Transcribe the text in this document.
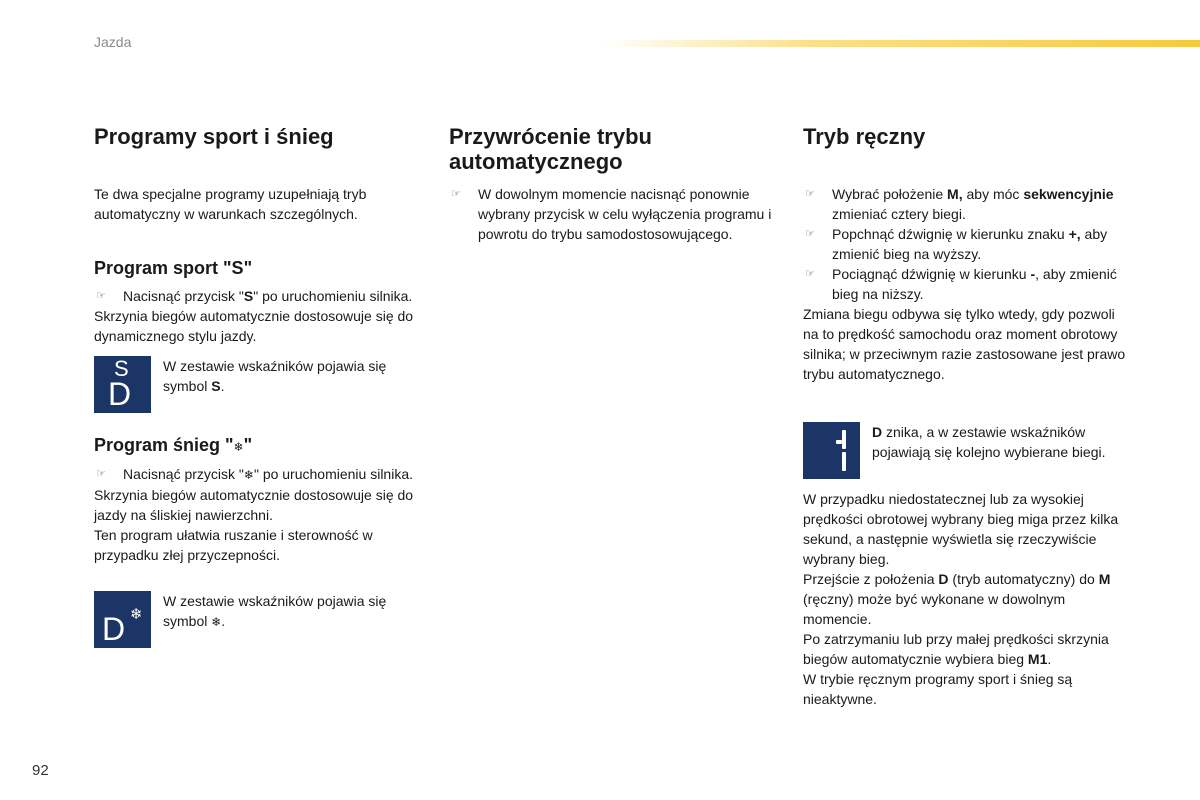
Jazda
Programy sport i śnieg

Te dwa specjalne programy uzupełniają tryb automatyczny w warunkach szczególnych.

Program sport "S"
☞ Nacisnąć przycisk "S" po uruchomieniu silnika.

Skrzynia biegów automatycznie dostosowuje się do dynamicznego stylu jazdy.

S
D

W zestawie wskaźników pojawia się symbol S.

Program śnieg "❄"
☞ Nacisnąć przycisk "❄" po uruchomieniu silnika.

Skrzynia biegów automatycznie dostosowuje się do jazdy na śliskiej nawierzchni.

Ten program ułatwia ruszanie i sterowność w przypadku złej przyczepności.

D ❄

W zestawie wskaźników pojawia się symbol ❄.

Przywrócenie trybu automatycznego
☞ W dowolnym momencie nacisnąć ponownie wybrany przycisk w celu wyłączenia programu i powrotu do trybu samodostosowującego.
Tryb ręczny
☞ Wybrać położenie M, aby móc sekwencyjnie zmieniać cztery biegi.
☞ Popchnąć dźwignię w kierunku znaku +, aby zmienić bieg na wyższy.
☞ Pociągnąć dźwignię w kierunku -, aby zmienić bieg na niższy.

Zmiana biegu odbywa się tylko wtedy, gdy pozwoli na to prędkość samochodu oraz moment obrotowy silnika; w przeciwnym razie zastosowane jest prawo trybu automatycznego.

D znika, a w zestawie wskaźników pojawiają się kolejno wybierane biegi.

W przypadku niedostatecznej lub za wysokiej prędkości obrotowej wybrany bieg miga przez kilka sekund, a następnie wyświetla się rzeczywiście wybrany bieg.

Przejście z położenia D (tryb automatyczny) do M (ręczny) może być wykonane w dowolnym momencie.

Po zatrzymaniu lub przy małej prędkości skrzynia biegów automatycznie wybiera bieg M1.

W trybie ręcznym programy sport i śnieg są nieaktywne.

92
